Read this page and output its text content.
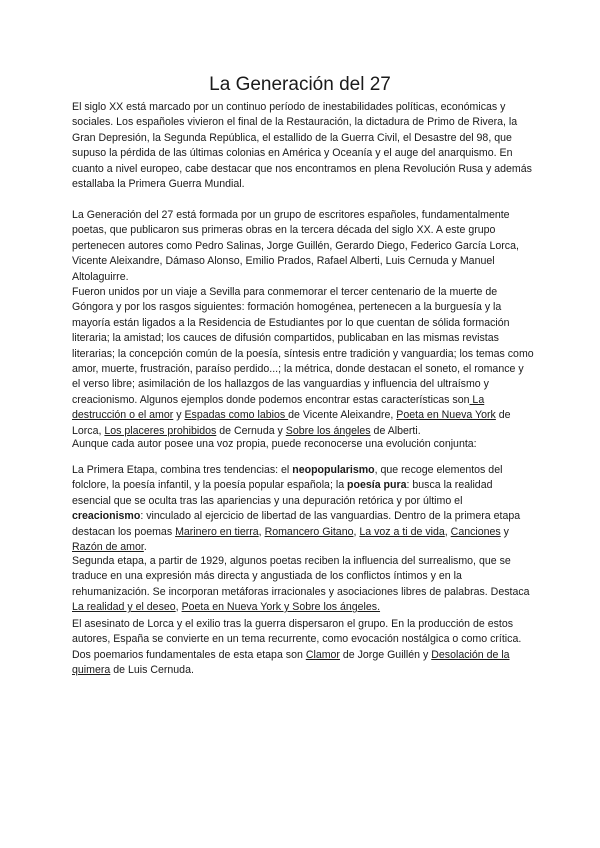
La Generación del 27

El siglo XX está marcado por un continuo período de inestabilidades políticas, económicas y sociales. Los españoles vivieron el final de la Restauración, la dictadura de Primo de Rivera, la Gran Depresión, la Segunda República, el estallido de la Guerra Civil, el Desastre del 98, que supuso la pérdida de las últimas colonias en América y Oceanía y el auge del anarquismo. En cuanto a nivel europeo, cabe destacar que nos encontramos en plena Revolución Rusa y además estallaba la Primera Guerra Mundial.

La Generación del 27 está formada por un grupo de escritores españoles, fundamentalmente poetas, que publicaron sus primeras obras en la tercera década del siglo XX. A este grupo pertenecen autores como Pedro Salinas, Jorge Guillén, Gerardo Diego, Federico García Lorca, Vicente Aleixandre, Dámaso Alonso, Emilio Prados, Rafael Alberti, Luis Cernuda y Manuel Altolaguirre.

Fueron unidos por un viaje a Sevilla para conmemorar el tercer centenario de la muerte de Góngora y por los rasgos siguientes: formación homogénea, pertenecen a la burguesía y la mayoría están ligados a la Residencia de Estudiantes por lo que cuentan de sólida formación literaria; la amistad; los cauces de difusión compartidos, publicaban en las mismas revistas literarias; la concepción común de la poesía, síntesis entre tradición y vanguardia; los temas como amor, muerte, frustración, paraíso perdido...; la métrica, donde destacan el soneto, el romance y el verso libre; asimilación de los hallazgos de las vanguardias y influencia del ultraísmo y creacionismo. Algunos ejemplos donde podemos encontrar estas características son La destrucción o el amor y Espadas como labios de Vicente Aleixandre, Poeta en Nueva York de Lorca, Los placeres prohibidos de Cernuda y Sobre los ángeles de Alberti.

Aunque cada autor posee una voz propia, puede reconocerse una evolución conjunta:

La Primera Etapa, combina tres tendencias: el neopopularismo, que recoge elementos del folclore, la poesía infantil, y la poesía popular española; la poesía pura: busca la realidad esencial que se oculta tras las apariencias y una depuración retórica y por último el creacionismo: vinculado al ejercicio de libertad de las vanguardias. Dentro de la primera etapa destacan los poemas Marinero en tierra, Romancero Gitano, La voz a ti de vida, Canciones y Razón de amor.

Segunda etapa, a partir de 1929, algunos poetas reciben la influencia del surrealismo, que se traduce en una expresión más directa y angustiada de los conflictos íntimos y en la rehumanización. Se incorporan metáforas irracionales y asociaciones libres de palabras. Destaca La realidad y el deseo, Poeta en Nueva York y Sobre los ángeles.

El asesinato de Lorca y el exilio tras la guerra dispersaron el grupo. En la producción de estos autores, España se convierte en un tema recurrente, como evocación nostálgica o como crítica. Dos poemarios fundamentales de esta etapa son Clamor de Jorge Guillén y Desolación de la quimera de Luis Cernuda.
